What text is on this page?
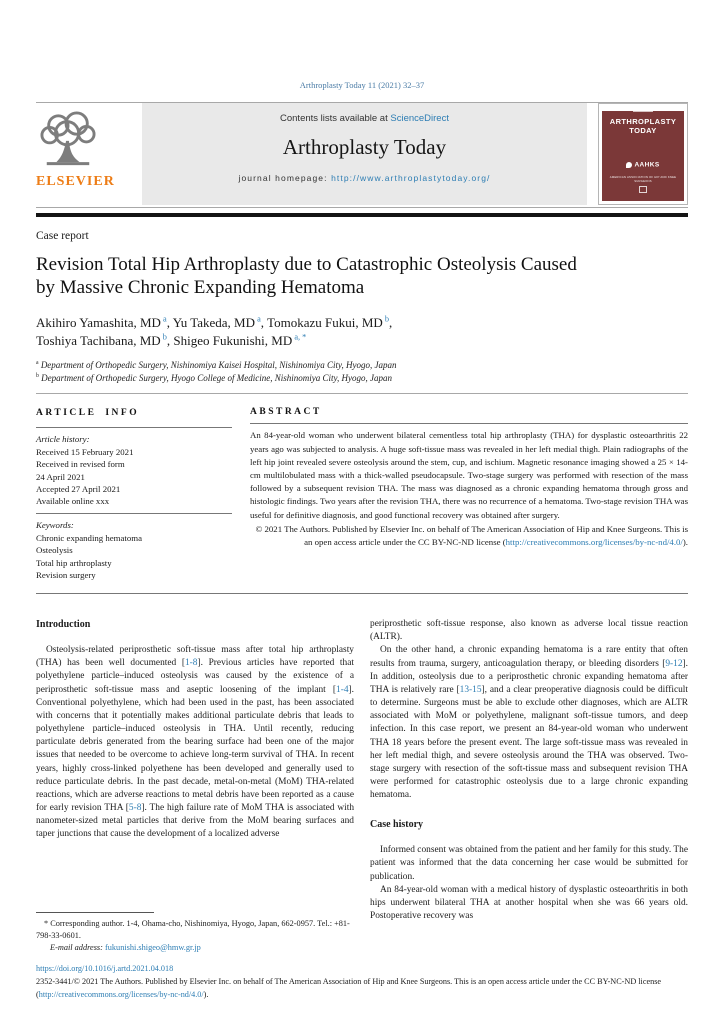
Arthroplasty Today 11 (2021) 32–37
ELSEVIER
Contents lists available at ScienceDirect
Arthroplasty Today
journal homepage: http://www.arthroplastytoday.org/
ARTHROPLASTY
TODAY
AAHKS
AMERICAN ASSOCIATION OF HIP AND KNEE SURGEONS
Case report
Revision Total Hip Arthroplasty due to Catastrophic Osteolysis Caused
by Massive Chronic Expanding Hematoma
Akihiro Yamashita, MD $^a$, Yu Takeda, MD $^a$, Tomokazu Fukui, MD $^b$,
Toshiya Tachibana, MD $^b$, Shigeo Fukunishi, MD $^{a, *}$
$^a$ Department of Orthopedic Surgery, Nishinomiya Kaisei Hospital, Nishinomiya City, Hyogo, Japan
$^b$ Department of Orthopedic Surgery, Hyogo College of Medicine, Nishinomiya City, Hyogo, Japan
ARTICLE INFO
Article history:
Received 15 February 2021
Received in revised form
24 April 2021
Accepted 27 April 2021
Available online xxx
Keywords:
Chronic expanding hematoma
Osteolysis
Total hip arthroplasty
Revision surgery
ABSTRACT
An 84-year-old woman who underwent bilateral cementless total hip arthroplasty (THA) for dysplastic osteoarthritis 22 years ago was subjected to analysis. A huge soft-tissue mass was revealed in her left medial thigh. Plain radiographs of the left hip joint revealed severe osteolysis around the stem, cup, and ischium. Magnetic resonance imaging showed a 25 × 14-cm multilobulated mass with a thick-walled pseudocapsule. Two-stage surgery was performed with resection of the mass followed by a subsequent revision THA. The mass was diagnosed as a chronic expanding hematoma through gross and histologic findings. Two years after the revision THA, there was no recurrence of a hematoma. Two-stage revision THA was useful for definitive diagnosis, and good functional recovery was obtained after surgery.
© 2021 The Authors. Published by Elsevier Inc. on behalf of The American Association of Hip and Knee Surgeons. This is an open access article under the CC BY-NC-ND license (http://creativecommons.org/licenses/by-nc-nd/4.0/).
Introduction

Osteolysis-related periprosthetic soft-tissue mass after total hip arthroplasty (THA) has been well documented [1-8]. Previous articles have reported that polyethylene particle–induced osteolysis was caused by the existence of a periprosthetic soft-tissue mass and aseptic loosening of the implant [1-4]. Conventional polyethylene, which had been used in the past, has been associated with concerns that it potentially makes additional particulate debris that leads to polyethylene particle–induced osteolysis in THA. Until recently, reducing particulate debris generated from the bearing surface had been one of the major issues that needed to be overcome to achieve long-term survival of THA. In recent years, highly cross-linked polyethene has been developed and generally used to reduce particulate debris. In the past decade, metal-on-metal (MoM) THA-related reactions, which are adverse reactions to metal debris have been reported as a cause for early revision THA [5-8]. The high failure rate of MoM THA is associated with nanometer-sized metal particles that derive from the MoM bearing surfaces and taper junctions that cause the development of a localized adverse

* Corresponding author. 1-4, Ohama-cho, Nishinomiya, Hyogo, Japan, 662-0957. Tel.: +81-798-33-0601.

E-mail address: fukunishi.shigeo@hmw.gr.jp

periprosthetic soft-tissue response, also known as adverse local tissue reaction (ALTR).

On the other hand, a chronic expanding hematoma is a rare entity that often results from trauma, surgery, anticoagulation therapy, or bleeding disorders [9-12]. In addition, osteolysis due to a periprosthetic chronic expanding hematoma after THA is relatively rare [13-15], and a clear preoperative diagnosis could be difficult to determine. Surgeons must be able to exclude other diagnoses, which are ALTR associated with MoM or polyethylene, malignant soft-tissue tumors, and deep infection. In this case report, we present an 84-year-old woman who underwent THA 18 years before the present event. The large soft-tissue mass was revealed in her left medial thigh, and severe osteolysis around the THA was observed. Two-stage surgery with resection of the soft-tissue mass and subsequent revision THA were performed for catastrophic osteolysis due to a large chronic expanding hematoma.

Case history

Informed consent was obtained from the patient and her family for this study. The patient was informed that the data concerning her case would be submitted for publication.

An 84-year-old woman with a medical history of dysplastic osteoarthritis in both hips underwent bilateral THA at another hospital when she was 66 years old. Postoperative recovery was

https://doi.org/10.1016/j.artd.2021.04.018
2352-3441/© 2021 The Authors. Published by Elsevier Inc. on behalf of The American Association of Hip and Knee Surgeons. This is an open access article under the CC BY-NC-ND license (http://creativecommons.org/licenses/by-nc-nd/4.0/).
